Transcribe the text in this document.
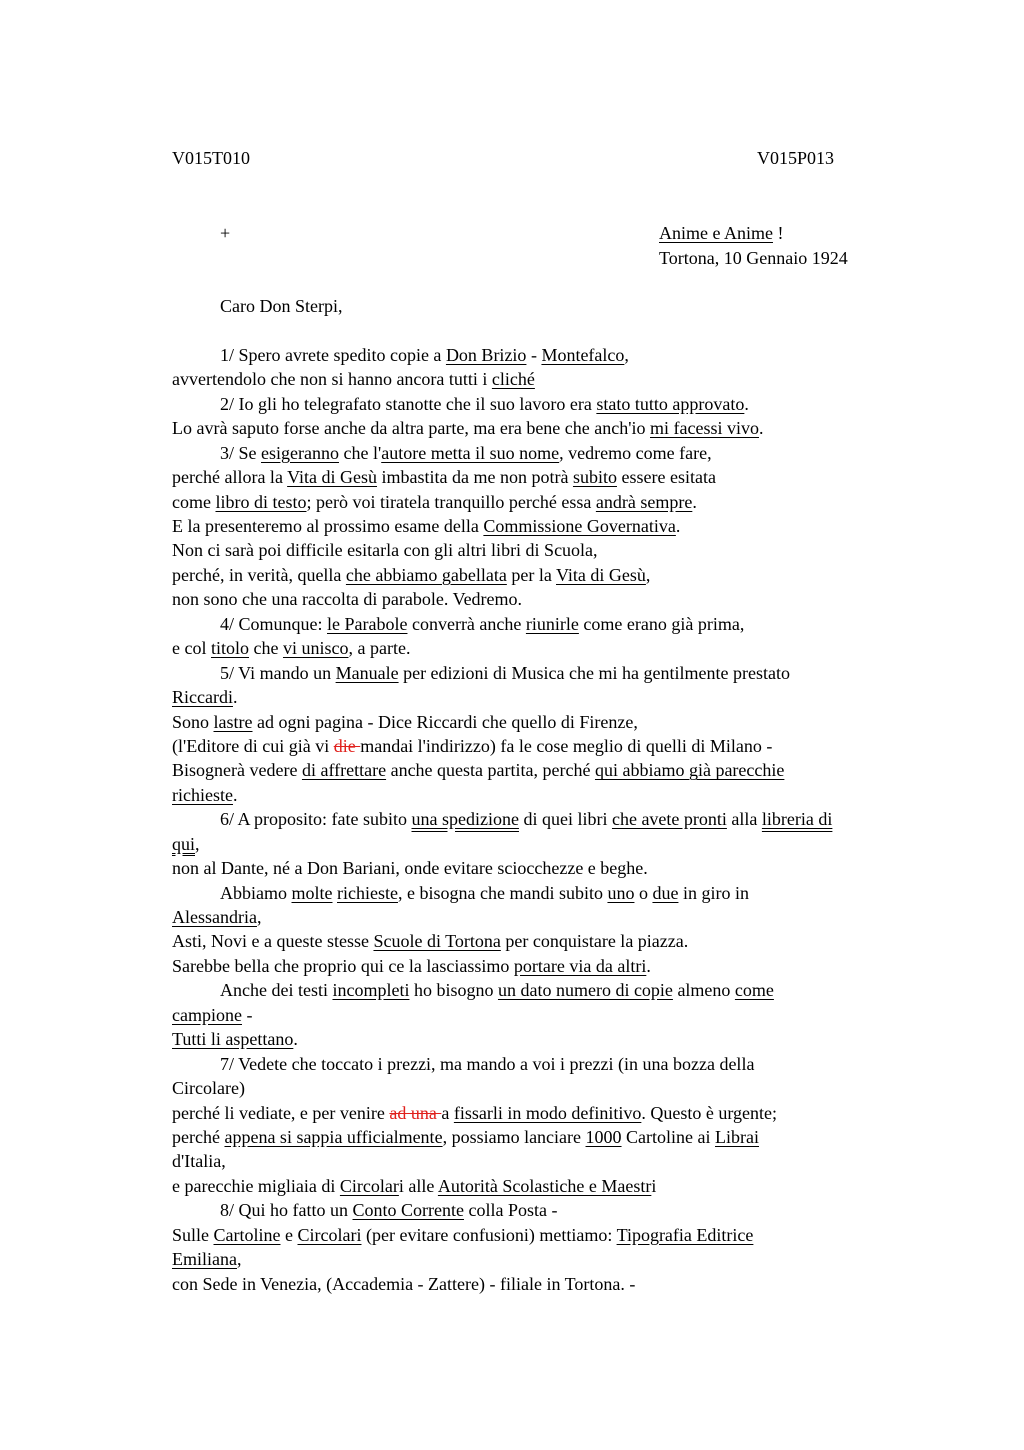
V015T010	V015P013
+	Anime e Anime !
Tortona, 10 Gennaio 1924
Caro Don Sterpi,
1/ Spero avrete spedito copie a Don Brizio - Montefalco,
avvertendolo che non si hanno ancora tutti i cliché
2/ Io gli ho telegrafato stanotte che il suo lavoro era stato tutto approvato.
Lo avrà saputo forse anche da altra parte, ma era bene che anch'io mi facessi vivo.
3/ Se esigeranno che l'autore metta il suo nome, vedremo come fare,
perché allora la Vita di Gesù imbastita da me non potrà subito essere esitata
come libro di testo; però voi tiratela tranquillo perché essa andrà sempre.
E la presenteremo al prossimo esame della Commissione Governativa.
Non ci sarà poi difficile esitarla con gli altri libri di Scuola,
perché, in verità, quella che abbiamo gabellata per la Vita di Gesù,
non sono che una raccolta di parabole. Vedremo.
4/ Comunque: le Parabole converrà anche riunirle come erano già prima,
e col titolo che vi unisco, a parte.
5/ Vi mando un Manuale per edizioni di Musica che mi ha gentilmente prestato
Riccardi.
Sono lastre ad ogni pagina - Dice Riccardi che quello di Firenze,
(l'Editore di cui già vi die mandai l'indirizzo) fa le cose meglio di quelli di Milano -
Bisognerà vedere di affrettare anche questa partita, perché qui abbiamo già parecchie
richieste.
6/ A proposito: fate subito una spedizione di quei libri che avete pronti alla libreria di
qui,
non al Dante, né a Don Bariani, onde evitare sciocchezze e beghe.
Abbiamo molte richieste, e bisogna che mandi subito uno o due in giro in
Alessandria,
Asti, Novi e a queste stesse Scuole di Tortona per conquistare la piazza.
Sarebbe bella che proprio qui ce la lasciassimo portare via da altri.
Anche dei testi incompleti ho bisogno un dato numero di copie almeno come
campione -
Tutti li aspettano.
7/ Vedete che toccato i prezzi, ma mando a voi i prezzi (in una bozza della
Circolare)
perché li vediate, e per venire ad una a fissarli in modo definitivo. Questo è urgente;
perché appena si sappia ufficialmente, possiamo lanciare 1000 Cartoline ai Librai
d'Italia,
e parecchie migliaia di Circolari alle Autorità Scolastiche e Maestri
8/ Qui ho fatto un Conto Corrente colla Posta -
Sulle Cartoline e Circolari (per evitare confusioni) mettiamo: Tipografia Editrice
Emiliana,
con Sede in Venezia, (Accademia - Zattere) - filiale in Tortona. -
